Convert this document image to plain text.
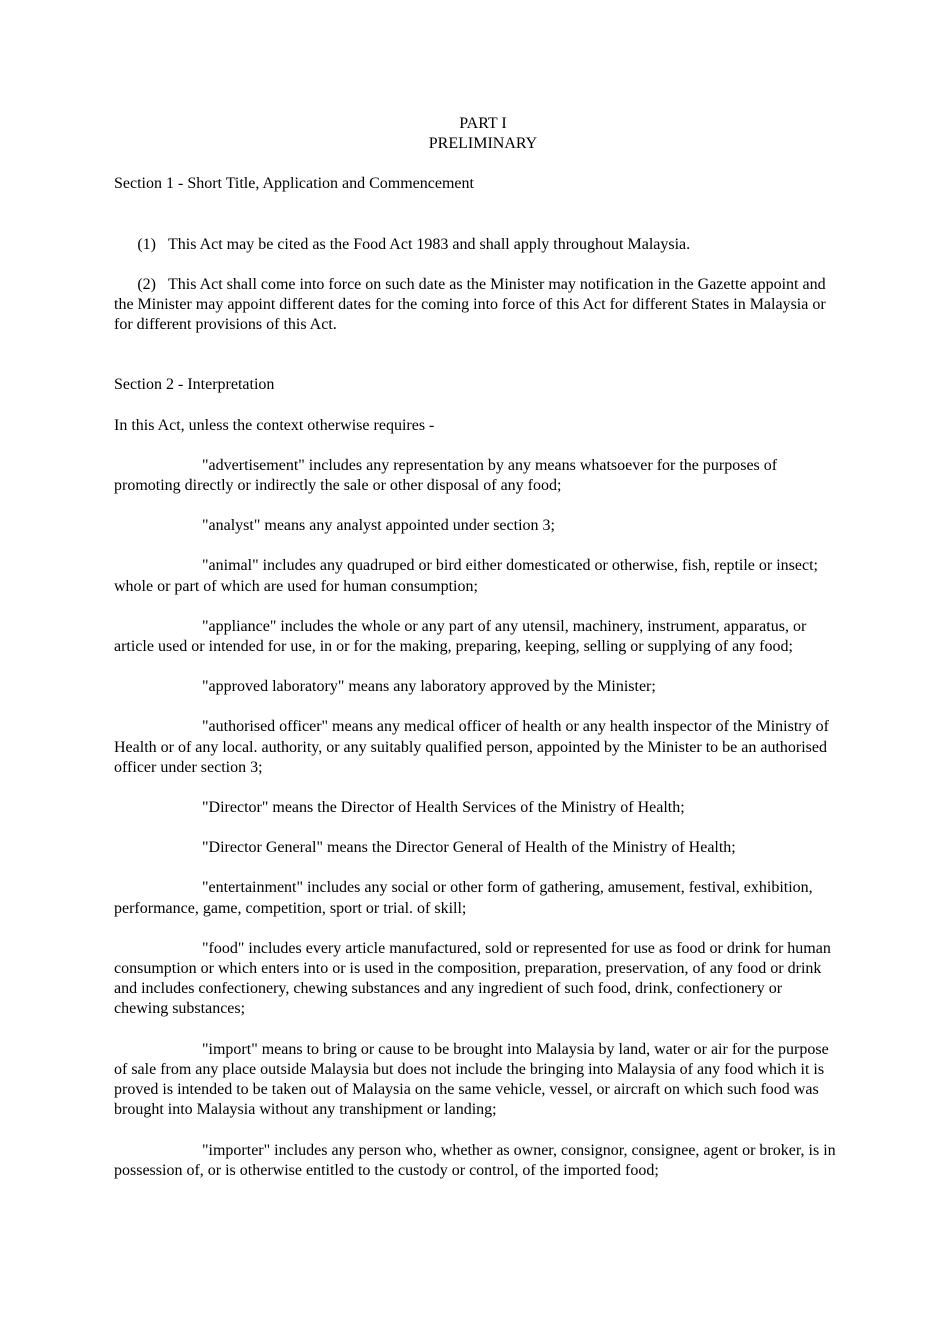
PART I
PRELIMINARY
Section 1 - Short Title, Application and Commencement
(1) This Act may be cited as the Food Act 1983 and shall apply throughout Malaysia.
(2) This Act shall come into force on such date as the Minister may notification in the Gazette appoint and the Minister may appoint different dates for the coming into force of this Act for different States in Malaysia or for different provisions of this Act.
Section 2 - Interpretation
In this Act, unless the context otherwise requires -
"advertisement" includes any representation by any means whatsoever for the purposes of promoting directly or indirectly the sale or other disposal of any food;
"analyst" means any analyst appointed under section 3;
"animal" includes any quadruped or bird either domesticated or otherwise, fish, reptile or insect; whole or part of which are used for human consumption;
"appliance" includes the whole or any part of any utensil, machinery, instrument, apparatus, or article used or intended for use, in or for the making, preparing, keeping, selling or supplying of any food;
"approved laboratory" means any laboratory approved by the Minister;
"authorised officer" means any medical officer of health or any health inspector of the Ministry of Health or of any local. authority, or any suitably qualified person, appointed by the Minister to be an authorised officer under section 3;
"Director" means the Director of Health Services of the Ministry of Health;
"Director General" means the Director General of Health of the Ministry of Health;
"entertainment" includes any social or other form of gathering, amusement, festival, exhibition, performance, game, competition, sport or trial. of skill;
"food" includes every article manufactured, sold or represented for use as food or drink for human consumption or which enters into or is used in the composition, preparation, preservation, of any food or drink and includes confectionery, chewing substances and any ingredient of such food, drink, confectionery or chewing substances;
"import" means to bring or cause to be brought into Malaysia by land, water or air for the purpose of sale from any place outside Malaysia but does not include the bringing into Malaysia of any food which it is proved is intended to be taken out of Malaysia on the same vehicle, vessel, or aircraft on which such food was brought into Malaysia without any transhipment or landing;
"importer" includes any person who, whether as owner, consignor, consignee, agent or broker, is in possession of, or is otherwise entitled to the custody or control, of the imported food;
